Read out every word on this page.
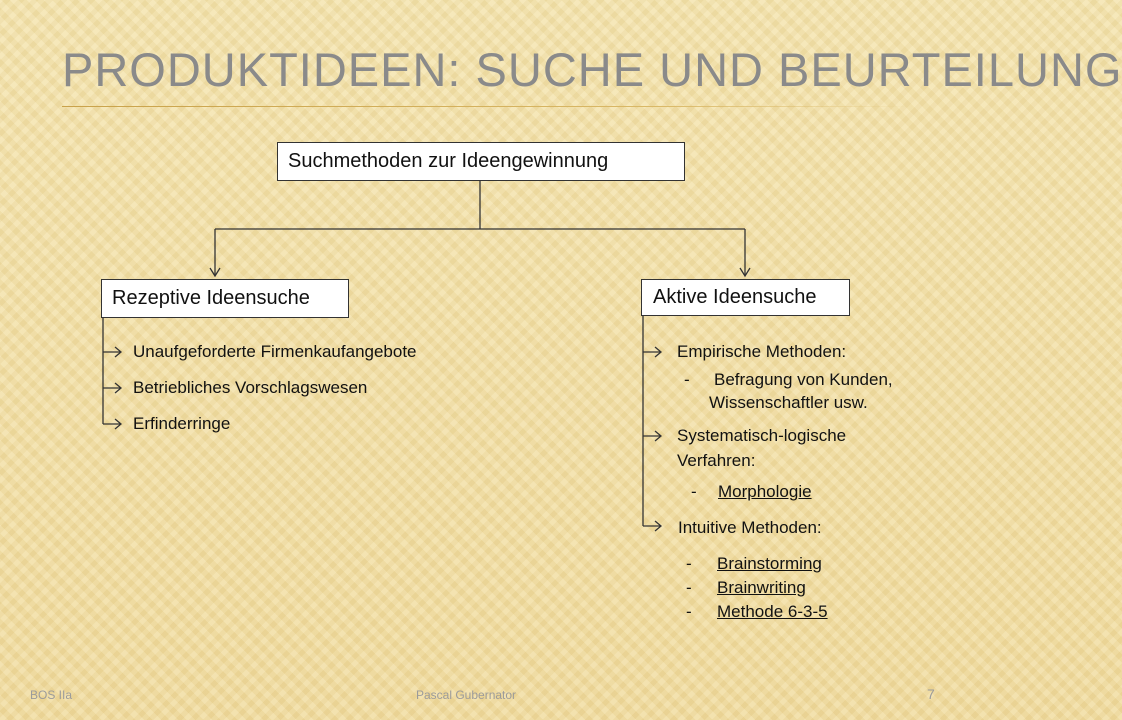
PRODUKTIDEEN: SUCHE UND BEURTEILUNG
Suchmethoden zur Ideengewinnung
Rezeptive Ideensuche	Aktive Ideensuche
Unaufgeforderte Firmenkaufangebote
Betriebliches Vorschlagswesen
Erfinderringe
Empirische Methoden:
- Befragung von Kunden,
Wissenschaftler usw.
Systematisch-logische
Verfahren:
- Morphologie
Intuitive Methoden:
- Brainstorming
- Brainwriting
- Methode 6-3-5
BOS IIa	Pascal Gubernator	7
